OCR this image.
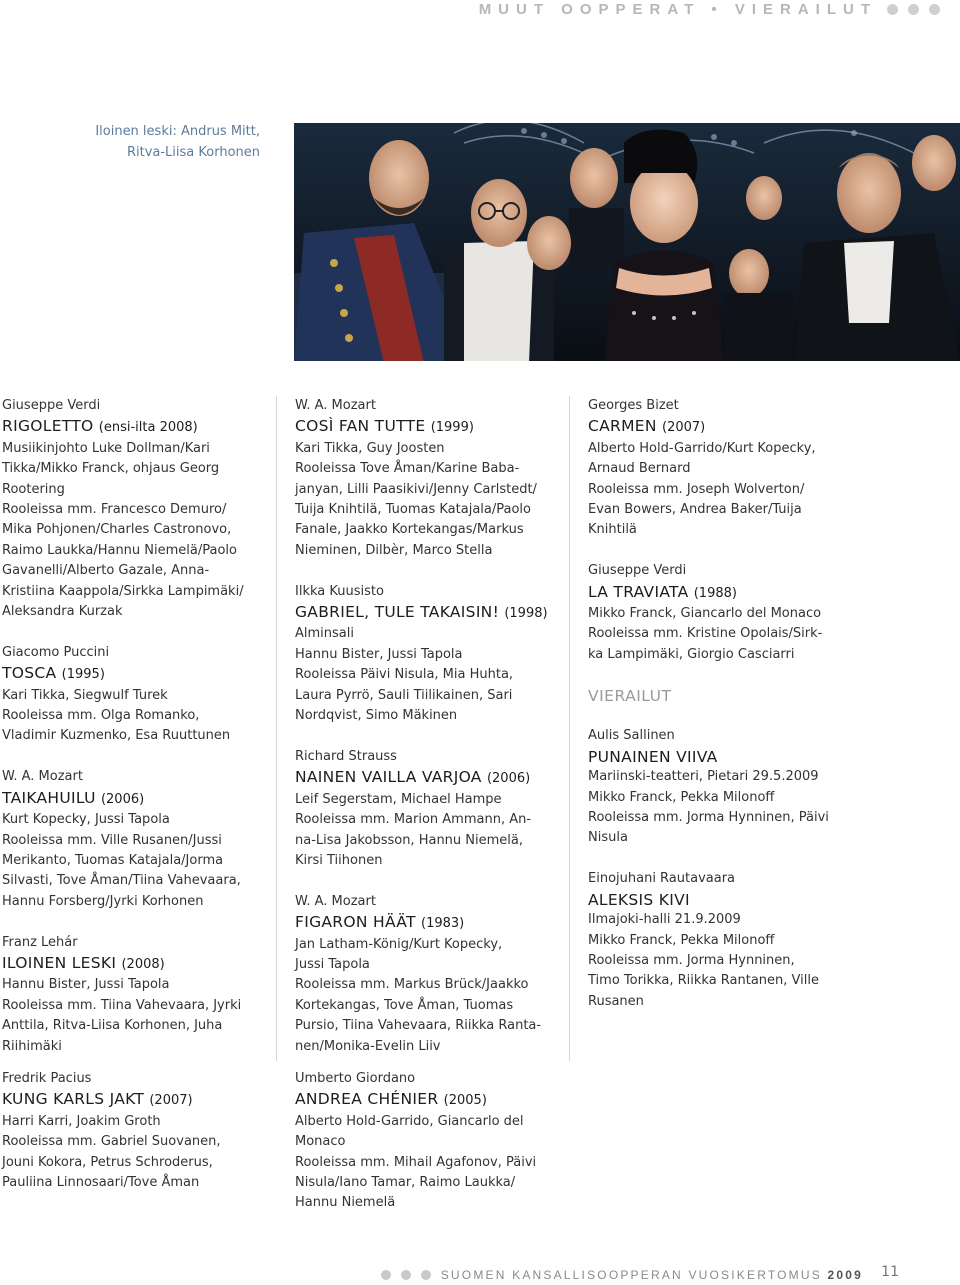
MUUT OOPPERAT • VIERAILUT
Iloinen leski: Andrus Mitt,
Ritva-Liisa Korhonen
Giuseppe Verdi
RIGOLETTO (ensi-ilta 2008)
Musiikinjohto Luke Dollman/Kari
Tikka/Mikko Franck, ohjaus Georg
Rootering
Rooleissa mm. Francesco Demuro/
Mika Pohjonen/Charles Castronovo,
Raimo Laukka/Hannu Niemelä/Paolo
Gavanelli/Alberto Gazale, Anna-
Kristiina Kaappola/Sirkka Lampimäki/
Aleksandra Kurzak
Giacomo Puccini
TOSCA (1995)
Kari Tikka, Siegwulf Turek
Rooleissa mm. Olga Romanko,
Vladimir Kuzmenko, Esa Ruuttunen
W. A. Mozart
TAIKAHUILU (2006)
Kurt Kopecky, Jussi Tapola
Rooleissa mm. Ville Rusanen/Jussi
Merikanto, Tuomas Katajala/Jorma
Silvasti, Tove Åman/Tiina Vahevaara,
Hannu Forsberg/Jyrki Korhonen
Franz Lehár
ILOINEN LESKI (2008)
Hannu Bister, Jussi Tapola
Rooleissa mm. Tiina Vahevaara, Jyrki
Anttila, Ritva-Liisa Korhonen, Juha
Riihimäki
W. A. Mozart
COSÌ FAN TUTTE (1999)
Kari Tikka, Guy Joosten
Rooleissa Tove Åman/Karine Baba-
janyan, Lilli Paasikivi/Jenny Carlstedt/
Tuija Knihtilä, Tuomas Katajala/Paolo
Fanale, Jaakko Kortekangas/Markus
Nieminen, Dilbèr, Marco Stella
Ilkka Kuusisto
GABRIEL, TULE TAKAISIN! (1998)
Alminsali
Hannu Bister, Jussi Tapola
Rooleissa Päivi Nisula, Mia Huhta,
Laura Pyrrö, Sauli Tiilikainen, Sari
Nordqvist, Simo Mäkinen
Richard Strauss
NAINEN VAILLA VARJOA (2006)
Leif Segerstam, Michael Hampe
Rooleissa mm. Marion Ammann, An-
na-Lisa Jakobsson, Hannu Niemelä,
Kirsi Tiihonen
W. A. Mozart
FIGARON HÄÄT (1983)
Jan Latham-König/Kurt Kopecky,
Jussi Tapola
Rooleissa mm. Markus Brück/Jaakko
Kortekangas, Tove Åman, Tuomas
Pursio, Tiina Vahevaara, Riikka Ranta-
nen/Monika-Evelin Liiv
Georges Bizet
CARMEN (2007)
Alberto Hold-Garrido/Kurt Kopecky,
Arnaud Bernard
Rooleissa mm. Joseph Wolverton/
Evan Bowers, Andrea Baker/Tuija
Knihtilä
Giuseppe Verdi
LA TRAVIATA (1988)
Mikko Franck, Giancarlo del Monaco
Rooleissa mm. Kristine Opolais/Sirk-
ka Lampimäki, Giorgio Casciarri
VIERAILUT
Aulis Sallinen
PUNAINEN VIIVA
Mariinski-teatteri, Pietari 29.5.2009
Mikko Franck, Pekka Milonoff
Rooleissa mm. Jorma Hynninen, Päivi
Nisula
Einojuhani Rautavaara
ALEKSIS KIVI
Ilmajoki-halli 21.9.2009
Mikko Franck, Pekka Milonoff
Rooleissa mm. Jorma Hynninen,
Timo Torikka, Riikka Rantanen, Ville
Rusanen
Fredrik Pacius
KUNG KARLS JAKT (2007)
Harri Karri, Joakim Groth
Rooleissa mm. Gabriel Suovanen,
Jouni Kokora, Petrus Schroderus,
Pauliina Linnosaari/Tove Åman
Umberto Giordano
ANDREA CHÉNIER (2005)
Alberto Hold-Garrido, Giancarlo del
Monaco
Rooleissa mm. Mihail Agafonov, Päivi
Nisula/Iano Tamar, Raimo Laukka/
Hannu Niemelä
SUOMEN KANSALLISOOPPERAN VUOSIKERTOMUS 2009 11
